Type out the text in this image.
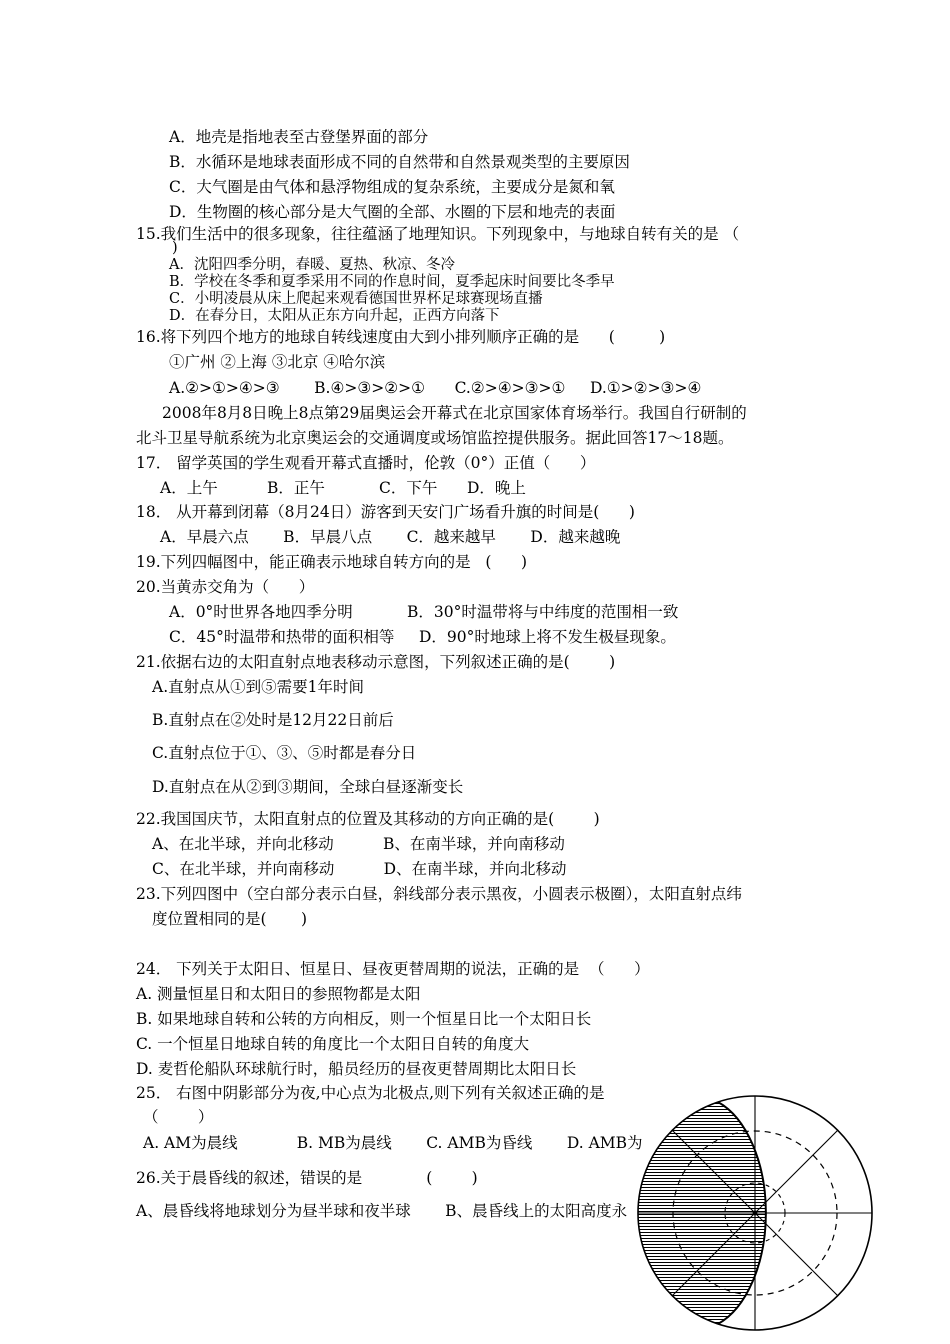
A．地壳是指地表至古登堡界面的部分
B．水循环是地球表面形成不同的自然带和自然景观类型的主要原因
C．大气圈是由气体和悬浮物组成的复杂系统，主要成分是氮和氧
D．生物圈的核心部分是大气圈的全部、水圈的下层和地壳的表面
15.我们生活中的很多现象，往往蕴涵了地理知识。下列现象中，与地球自转有关的是 （
)
A．沈阳四季分明，春暖、夏热、秋凉、冬冷
B．学校在冬季和夏季采用不同的作息时间，夏季起床时间要比冬季早
C．小明凌晨从床上爬起来观看德国世界杯足球赛现场直播
D．在春分日，太阳从正东方向升起，正西方向落下
16.将下列四个地方的地球自转线速度由大到小排列顺序正确的是      (         )
①广州 ②上海 ③北京 ④哈尔滨
A.②>①>④>③       B.④>③>②>①      C.②>④>③>①     D.①>②>③>④
2008年8月8日晚上8点第29届奥运会开幕式在北京国家体育场举行。我国自行研制的
北斗卫星导航系统为北京奥运会的交通调度或场馆监控提供服务。据此回答17～18题。
17． 留学英国的学生观看开幕式直播时，伦敦（0°）正值（      ）
A．上午          B．正午           C．下午      D．晚上
18． 从开幕到闭幕（8月24日）游客到天安门广场看升旗的时间是(      )
A．早晨六点       B．早晨八点       C．越来越早       D．越来越晚
19.下列四幅图中，能正确表示地球自转方向的是   (      )
20.当黄赤交角为（      ）
A．0°时世界各地四季分明           B．30°时温带将与中纬度的范围相一致
C．45°时温带和热带的面积相等     D．90°时地球上将不发生极昼现象。
21.依据右边的太阳直射点地表移动示意图，下列叙述正确的是(        )
A.直射点从①到⑤需要1年时间
B.直射点在②处时是12月22日前后
C.直射点位于①、③、⑤时都是春分日
D.直射点在从②到③期间，全球白昼逐渐变长
22.我国国庆节，太阳直射点的位置及其移动的方向正确的是(        )
A、在北半球，并向北移动          B、在南半球，并向南移动
C、在北半球，并向南移动          D、在南半球，并向北移动
23.下列四图中（空白部分表示白昼，斜线部分表示黑夜，小圆表示极圈），太阳直射点纬
度位置相同的是(       )
24． 下列关于太阳日、恒星日、昼夜更替周期的说法，正确的是  （      ）
A. 测量恒星日和太阳日的参照物都是太阳
B. 如果地球自转和公转的方向相反，则一个恒星日比一个太阳日长
C. 一个恒星日地球自转的角度比一个太阳日自转的角度大
D. 麦哲伦船队环球航行时，船员经历的昼夜更替周期比太阳日长
25． 右图中阴影部分为夜,中心点为北极点,则下列有关叙述正确的是
（        ）
A. AM为晨线            B. MB为晨线       C. AMB为昏线       D. AMB为
26.关于晨昏线的叙述，错误的是             (        )
A、晨昏线将地球划分为昼半球和夜半球       B、晨昏线上的太阳高度永
